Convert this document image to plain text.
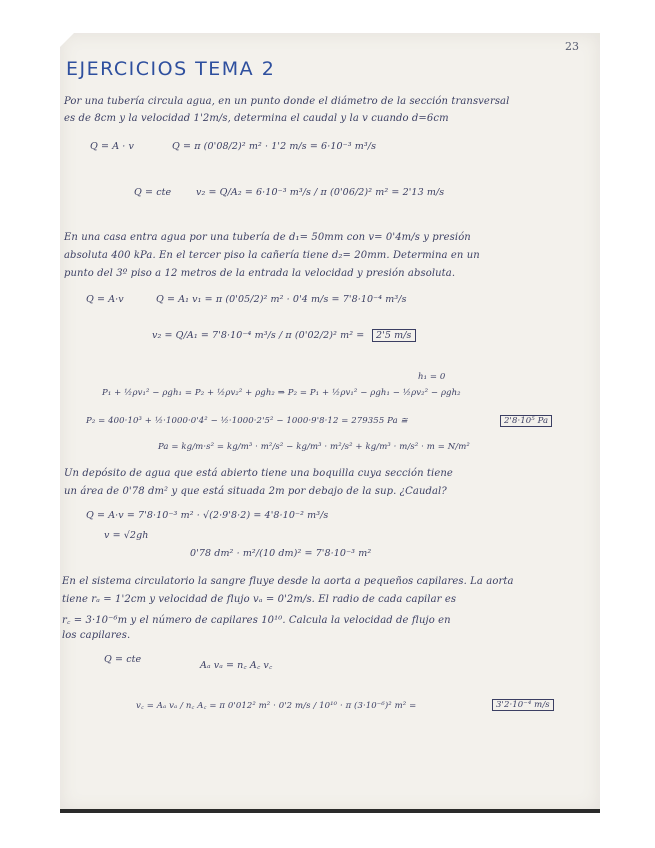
23
EJERCICIOS TEMA 2
Por una tubería circula agua, en un punto donde el diámetro de la sección transversal
es de 8cm y la velocidad 1'2m/s, determina el caudal y la v cuando d=6cm
Q = A · v	Q = π (0'08/2)² m² · 1'2 m/s = 6·10⁻³ m³/s
Q = cte	v₂ = Q/A₂ = 6·10⁻³ m³/s / π (0'06/2)² m² = 2'13 m/s
En una casa entra agua por una tubería de d₁= 50mm con v= 0'4m/s y presión
absoluta 400 kPa. En el tercer piso la cañería tiene d₂= 20mm. Determina en un
punto del 3º piso a 12 metros de la entrada la velocidad y presión absoluta.
Q = A·v	Q = A₁ v₁ = π (0'05/2)² m² · 0'4 m/s = 7'8·10⁻⁴ m³/s
v₂ = Q/A₁ = 7'8·10⁻⁴ m³/s / π (0'02/2)² m² =	2'5 m/s
h₁ = 0
P₁ + ½ρv₁² − ρgh₁ = P₂ + ½ρv₂² + ρgh₂ ⇒ P₂ = P₁ + ½ρv₁² − ρgh₁ − ½ρv₂² − ρgh₂
P₂ = 400·10³ + ½·1000·0'4² − ½·1000·2'5² − 1000·9'8·12 = 279355 Pa ≅	2'8·10⁵ Pa
Pa = kg/m·s² = kg/m³ · m²/s² − kg/m³ · m²/s² + kg/m³ · m/s² · m = N/m²
Un depósito de agua que está abierto tiene una boquilla cuya sección tiene
un área de 0'78 dm² y que está situada 2m por debajo de la sup. ¿Caudal?
Q = A·v = 7'8·10⁻³ m² · √(2·9'8·2) = 4'8·10⁻² m³/s
v = √2gh
0'78 dm² · m²/(10 dm)² = 7'8·10⁻³ m²
En el sistema circulatorio la sangre fluye desde la aorta a pequeños capilares. La aorta
tiene rₐ = 1'2cm y velocidad de flujo vₐ = 0'2m/s. El radio de cada capilar es
r꜀ = 3·10⁻⁶m y el número de capilares 10¹⁰. Calcula la velocidad de flujo en
los capilares.
Q = cte
Aₐ vₐ = n꜀ A꜀ v꜀
v꜀ = Aₐ vₐ / n꜀ A꜀ = π 0'012² m² · 0'2 m/s / 10¹⁰ · π (3·10⁻⁶)² m² =	3'2·10⁻⁴ m/s
